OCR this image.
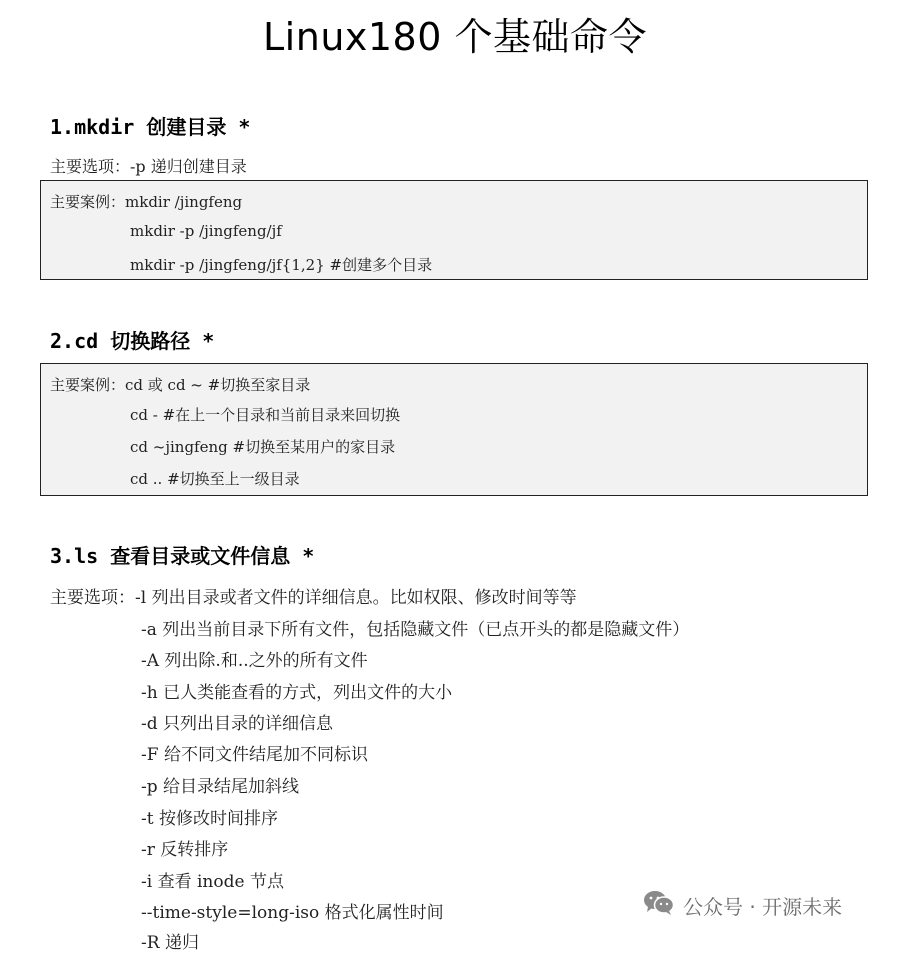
Linux180 个基础命令
1.mkdir 创建目录 *
主要选项：-p 递归创建目录
主要案例：mkdir /jingfeng
mkdir -p /jingfeng/jf
mkdir -p /jingfeng/jf{1,2} #创建多个目录
2.cd 切换路径 *
主要案例：cd 或 cd ~ #切换至家目录
cd - #在上一个目录和当前目录来回切换
cd ~jingfeng #切换至某用户的家目录
cd .. #切换至上一级目录
3.ls 查看目录或文件信息 *
主要选项：-l 列出目录或者文件的详细信息。比如权限、修改时间等等
-a 列出当前目录下所有文件，包括隐藏文件（已点开头的都是隐藏文件）
-A 列出除.和..之外的所有文件
-h 已人类能查看的方式，列出文件的大小
-d 只列出目录的详细信息
-F 给不同文件结尾加不同标识
-p 给目录结尾加斜线
-t 按修改时间排序
-r 反转排序
-i 查看 inode 节点
--time-style=long-iso 格式化属性时间
-R 递归
公众号 · 开源未来
